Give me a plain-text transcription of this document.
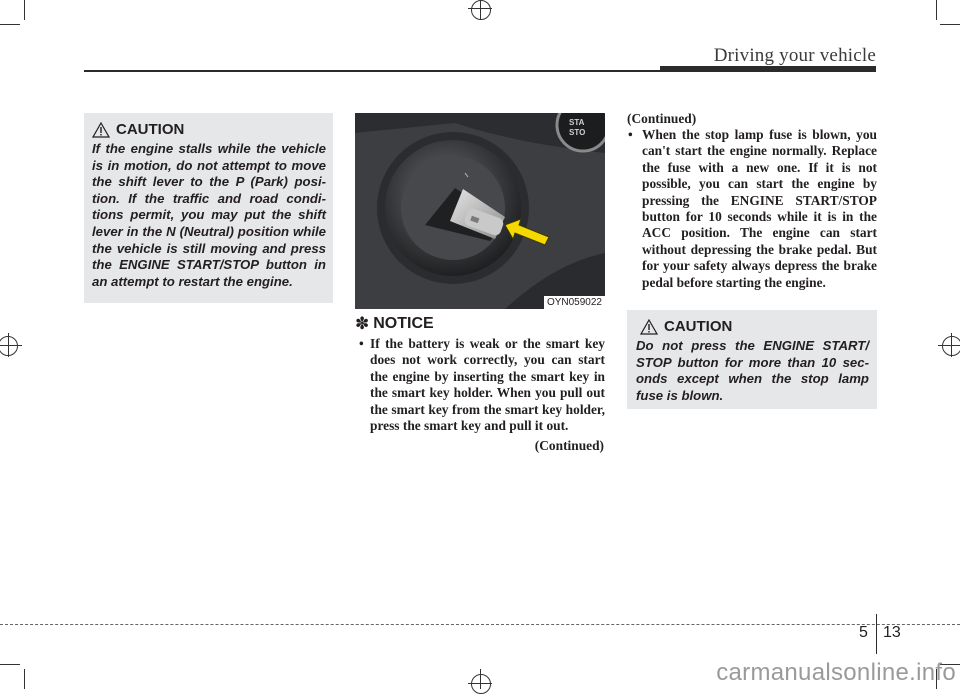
Driving your vehicle
CAUTION

If the engine stalls while the vehicle is in motion, do not attempt to move the shift lever to the P (Park) posi-tion. If the traffic and road condi-tions permit, you may put the shift lever in the N (Neutral) position while the vehicle is still moving and press the ENGINE START/STOP button in an attempt to restart the engine.

STA
STO
OYN059022
✽ NOTICE
• If the battery is weak or the smart key does not work correctly, you can start the engine by inserting the smart key in the smart key holder. When you pull out the smart key from the smart key holder, press the smart key and pull it out.
(Continued)
(Continued)
• When the stop lamp fuse is blown, you can't start the engine normally. Replace the fuse with a new one. If it is not possible, you can start the engine by pressing the ENGINE START/STOP button for 10 seconds while it is in the ACC position. The engine can start without depressing the brake pedal. But for your safety always depress the brake pedal before starting the engine.
CAUTION

Do not press the ENGINE START/ STOP button for more than 10 sec-onds except when the stop lamp fuse is blown.

5 13
carmanualsonline.info
